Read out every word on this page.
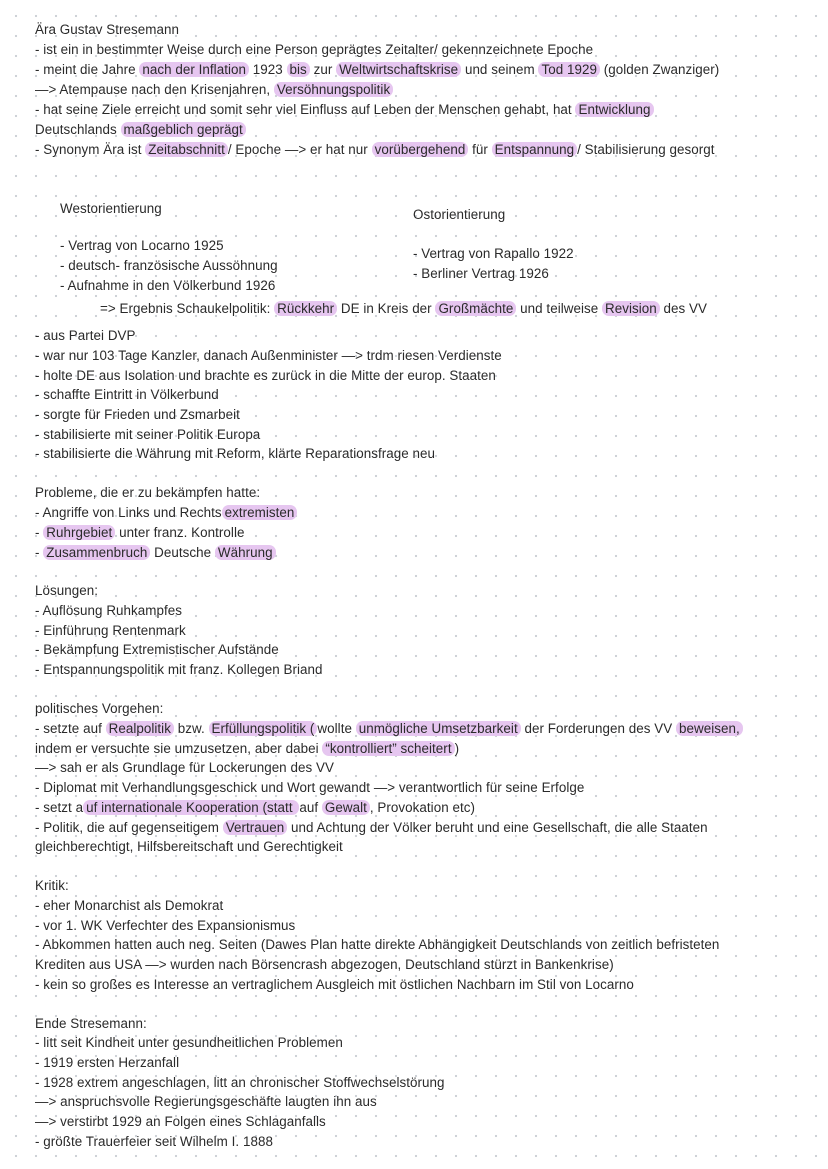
Ära Gustav Stresemann
- ist ein in bestimmter Weise durch eine Person geprägtes Zeitalter/ gekennzeichnete Epoche
- meint die Jahre nach der Inflation 1923 bis zur Weltwirtschaftskrise und seinem Tod 1929 (golden Zwanziger)
—> Atempause nach den Krisenjahren, Versöhnungspolitik
- hat seine Ziele erreicht und somit sehr viel Einfluss auf Leben der Menschen gehabt, hat Entwicklung
Deutschlands maßgeblich geprägt
- Synonym Ära ist Zeitabschnitt / Epoche —> er hat nur vorübergehend für Entspannung / Stabilisierung gesorgt
Westorientierung
- Vertrag von Locarno 1925
- deutsch- französische Aussöhnung
- Aufnahme in den Völkerbund 1926
Ostorientierung
- Vertrag von Rapallo 1922
- Berliner Vertrag 1926
=> Ergebnis Schaukelpolitik: Rückkehr DE in Kreis der Großmächte und teilweise Revision des VV
- aus Partei DVP
- war nur 103 Tage Kanzler, danach Außenminister —> trdm riesen Verdienste
- holte DE aus Isolation und brachte es zurück in die Mitte der europ. Staaten
- schaffte Eintritt in Völkerbund
- sorgte für Frieden und Zsmarbeit
- stabilisierte mit seiner Politik Europa
- stabilisierte die Währung mit Reform, klärte Reparationsfrage neu
Probleme, die er zu bekämpfen hatte:
- Angriffe von Links und Rechts extremisten
- Ruhrgebiet unter franz. Kontrolle
- Zusammenbruch Deutsche Währung
Lösungen:
- Auflösung Ruhkampfes
- Einführung Rentenmark
- Bekämpfung Extremistischer Aufstände
- Entspannungspolitik mit franz. Kollegen Briand
politisches Vorgehen:
- setzte auf Realpolitik bzw. Erfüllungspolitik ( wollte unmögliche Umsetzbarkeit der Forderungen des VV beweisen,
indem er versuchte sie umzusetzen, aber dabei “kontrolliert” scheitert )
—> sah er als Grundlage für Lockerungen des VV
- Diplomat mit Verhandlungsgeschick und Wort gewandt —> verantwortlich für seine Erfolge
- setzt a uf internationale Kooperation (statt auf Gewalt , Provokation etc)
- Politik, die auf gegenseitigem Vertrauen und Achtung der Völker beruht und eine Gesellschaft, die alle Staaten
gleichberechtigt, Hilfsbereitschaft und Gerechtigkeit
Kritik:
- eher Monarchist als Demokrat
- vor 1. WK Verfechter des Expansionismus
- Abkommen hatten auch neg. Seiten (Dawes Plan hatte direkte Abhängigkeit Deutschlands von zeitlich befristeten
Krediten aus USA —> wurden nach Börsencrash abgezogen, Deutschland stürzt in Bankenkrise)
- kein so großes es Interesse an vertraglichem Ausgleich mit östlichen Nachbarn im Stil von Locarno
Ende Stresemann:
- litt seit Kindheit unter gesundheitlichen Problemen
- 1919 ersten Herzanfall
- 1928 extrem angeschlagen, litt an chronischer Stoffwechselstörung
—> anspruchsvolle Regierungsgeschäfte laugten ihn aus
—> verstirbt 1929 an Folgen eines Schlaganfalls
- größte Trauerfeier seit Wilhelm I. 1888
